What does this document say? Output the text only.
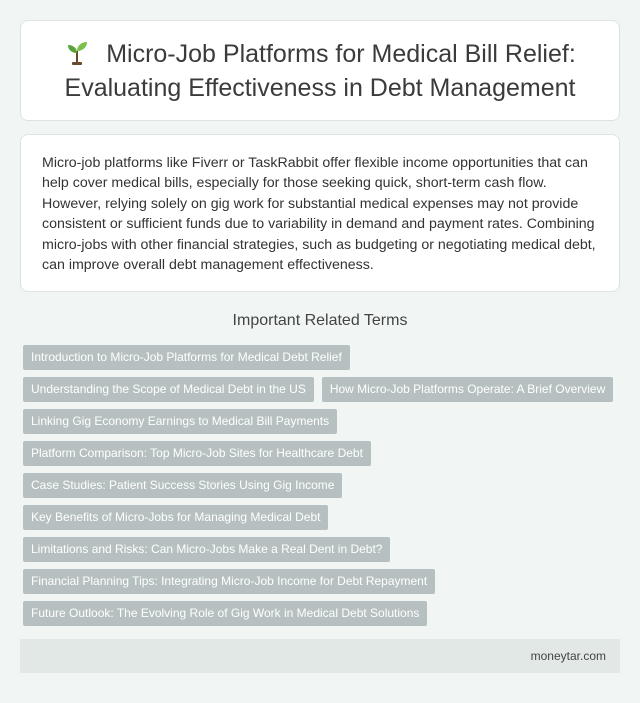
Micro-Job Platforms for Medical Bill Relief: Evaluating Effectiveness in Debt Management

Micro-job platforms like Fiverr or TaskRabbit offer flexible income opportunities that can help cover medical bills, especially for those seeking quick, short-term cash flow. However, relying solely on gig work for substantial medical expenses may not provide consistent or sufficient funds due to variability in demand and payment rates. Combining micro-jobs with other financial strategies, such as budgeting or negotiating medical debt, can improve overall debt management effectiveness.

Important Related Terms
Introduction to Micro-Job Platforms for Medical Debt Relief
Understanding the Scope of Medical Debt in the US	How Micro-Job Platforms Operate: A Brief Overview
Linking Gig Economy Earnings to Medical Bill Payments
Platform Comparison: Top Micro-Job Sites for Healthcare Debt
Case Studies: Patient Success Stories Using Gig Income
Key Benefits of Micro-Jobs for Managing Medical Debt
Limitations and Risks: Can Micro-Jobs Make a Real Dent in Debt?
Financial Planning Tips: Integrating Micro-Job Income for Debt Repayment
Future Outlook: The Evolving Role of Gig Work in Medical Debt Solutions
moneytar.com
